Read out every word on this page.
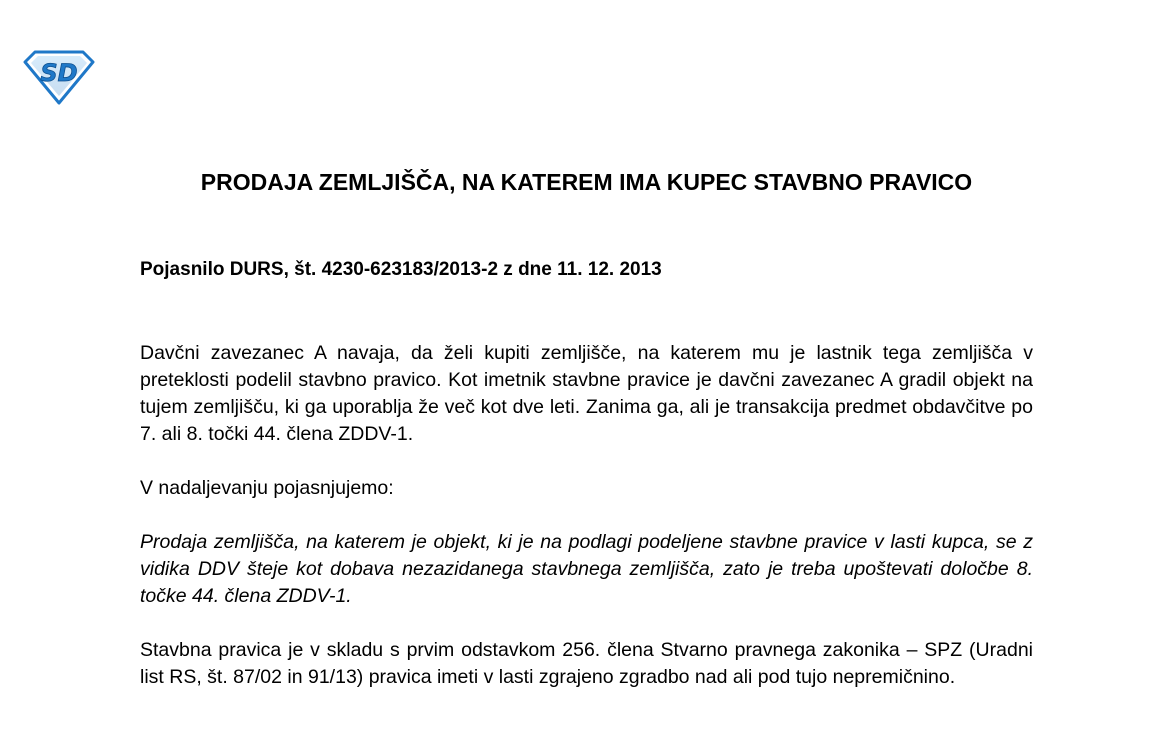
SD
PRODAJA ZEMLJIŠČA, NA KATEREM IMA KUPEC STAVBNO PRAVICO

Pojasnilo DURS, št. 4230-623183/2013-2 z dne 11. 12. 2013

Davčni zavezanec A navaja, da želi kupiti zemljišče, na katerem mu je lastnik tega zemljišča v preteklosti podelil stavbno pravico. Kot imetnik stavbne pravice je davčni zavezanec A gradil objekt na tujem zemljišču, ki ga uporablja že več kot dve leti. Zanima ga, ali je transakcija predmet obdavčitve po 7. ali 8. točki 44. člena ZDDV-1.

V nadaljevanju pojasnjujemo:

Prodaja zemljišča, na katerem je objekt, ki je na podlagi podeljene stavbne pravice v lasti kupca, se z vidika DDV šteje kot dobava nezazidanega stavbnega zemljišča, zato je treba upoštevati določbe 8. točke 44. člena ZDDV-1.

Stavbna pravica je v skladu s prvim odstavkom 256. člena Stvarno pravnega zakonika – SPZ (Uradni list RS, št. 87/02 in 91/13) pravica imeti v lasti zgrajeno zgradbo nad ali pod tujo nepremičnino.
